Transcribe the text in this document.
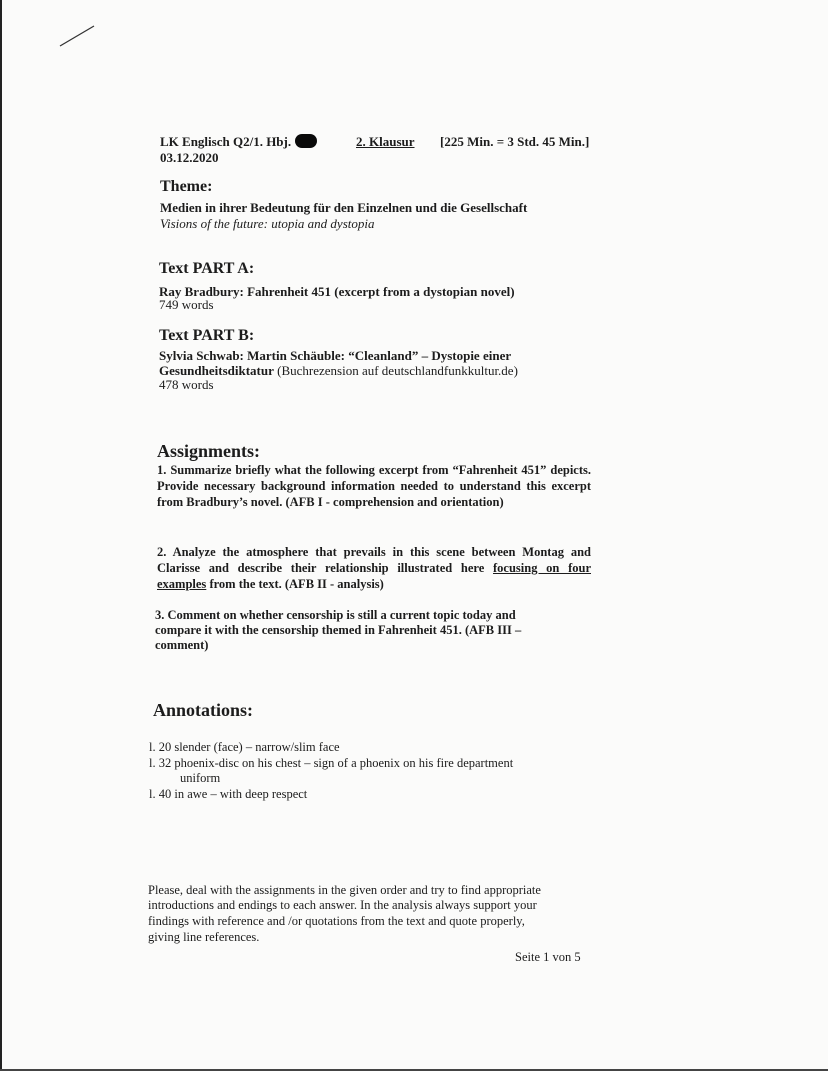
LK Englisch Q2/1. Hbj.
03.12.2020
2. Klausur [225 Min. = 3 Std. 45 Min.]
Theme:
Medien in ihrer Bedeutung für den Einzelnen und die Gesellschaft
Visions of the future: utopia and dystopia
Text PART A:
Ray Bradbury: Fahrenheit 451 (excerpt from a dystopian novel)
749 words
Text PART B:
Sylvia Schwab: Martin Schäuble: “Cleanland” – Dystopie einer
Gesundheitsdiktatur (Buchrezension auf deutschlandfunkkultur.de)
478 words
Assignments:
1. Summarize briefly what the following excerpt from “Fahrenheit 451” depicts. Provide necessary background information needed to understand this excerpt from Bradbury’s novel. (AFB I - comprehension and orientation)
2. Analyze the atmosphere that prevails in this scene between Montag and Clarisse and describe their relationship illustrated here focusing on four examples from the text. (AFB II - analysis)
3. Comment on whether censorship is still a current topic today and
compare it with the censorship themed in Fahrenheit 451. (AFB III –
comment)
Annotations:
l. 20 slender (face) – narrow/slim face
l. 32 phoenix-disc on his chest – sign of a phoenix on his fire department
uniform
l. 40 in awe – with deep respect
Please, deal with the assignments in the given order and try to find appropriate
introductions and endings to each answer. In the analysis always support your
findings with reference and /or quotations from the text and quote properly,
giving line references.
Seite 1 von 5
